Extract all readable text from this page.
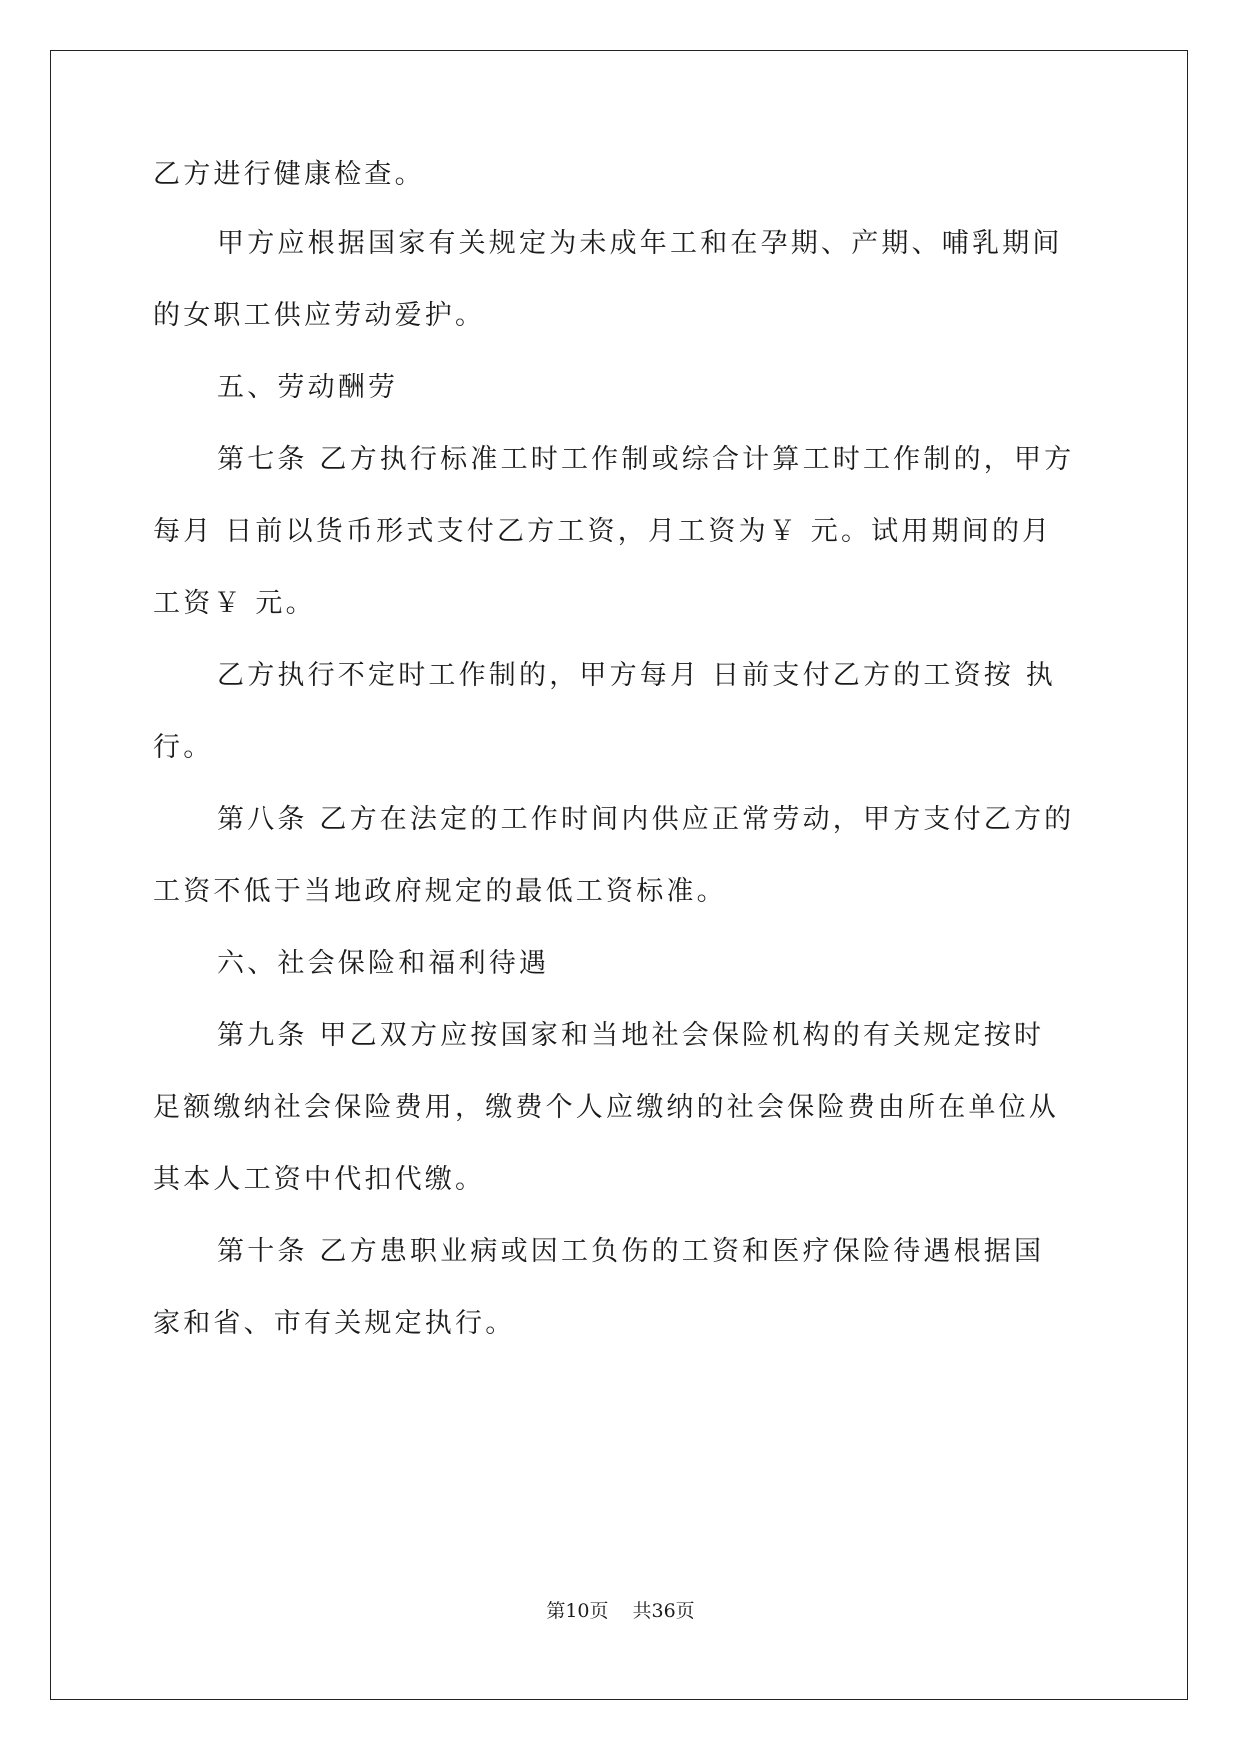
乙方进行健康检查。
甲方应根据国家有关规定为未成年工和在孕期、产期、哺乳期间
的女职工供应劳动爱护。
五、劳动酬劳
第七条 乙方执行标准工时工作制或综合计算工时工作制的，甲方
每月 日前以货币形式支付乙方工资，月工资为￥ 元。试用期间的月
工资￥ 元。
乙方执行不定时工作制的，甲方每月 日前支付乙方的工资按 执
行。
第八条 乙方在法定的工作时间内供应正常劳动，甲方支付乙方的
工资不低于当地政府规定的最低工资标准。
六、社会保险和福利待遇
第九条 甲乙双方应按国家和当地社会保险机构的有关规定按时
足额缴纳社会保险费用，缴费个人应缴纳的社会保险费由所在单位从
其本人工资中代扣代缴。
第十条 乙方患职业病或因工负伤的工资和医疗保险待遇根据国
家和省、市有关规定执行。
第10页 共36页
